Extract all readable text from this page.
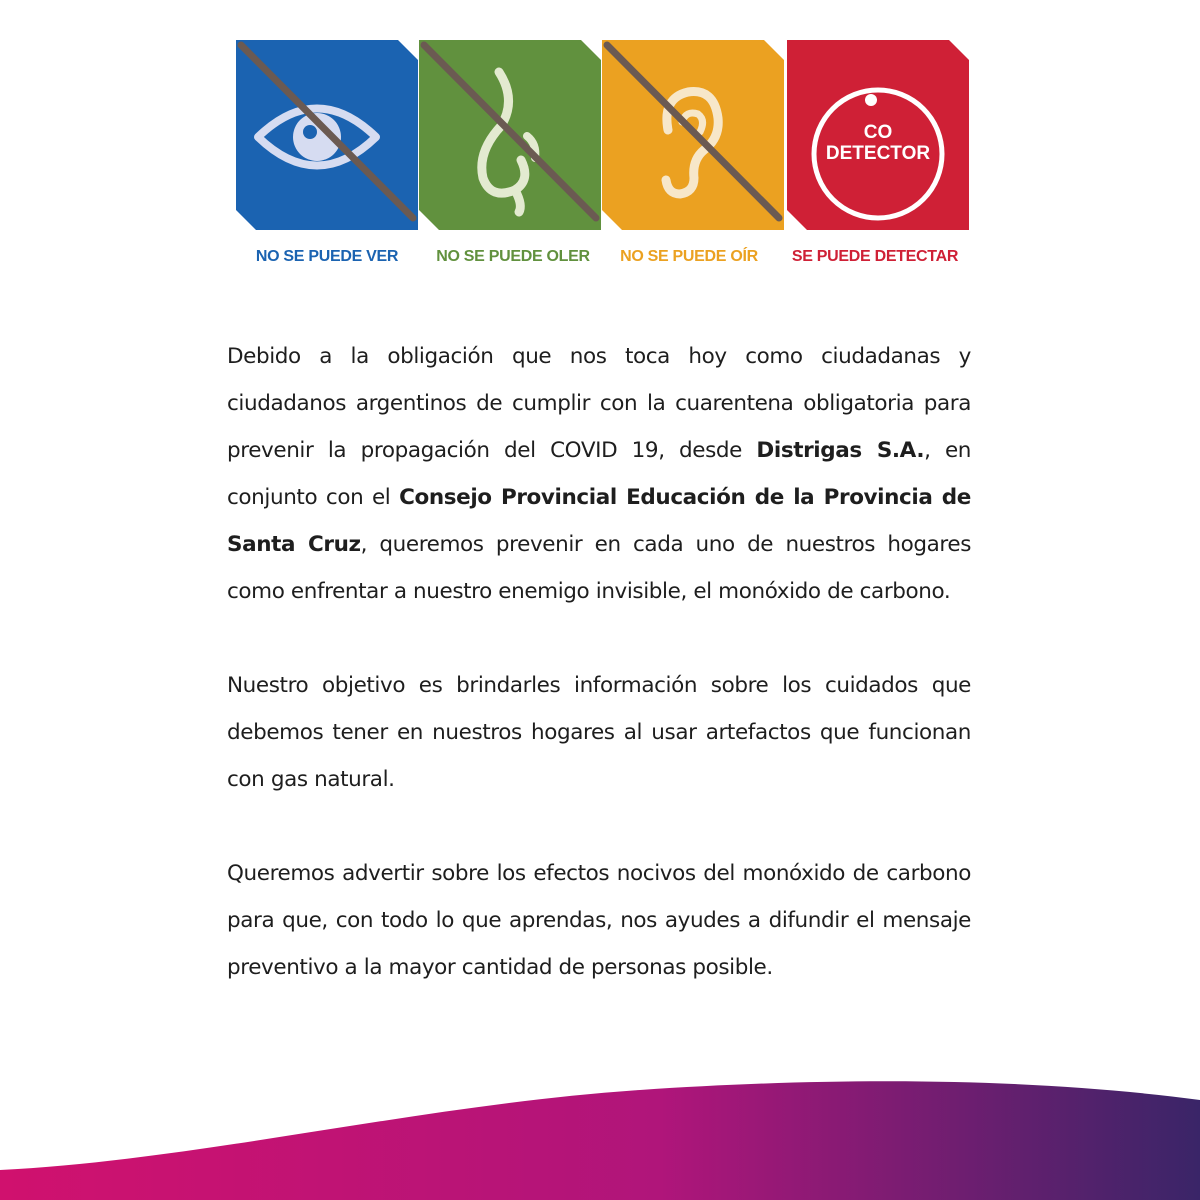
NO SE PUEDE VER	NO SE PUEDE OLER	NO SE PUEDE OÍR
CO
DETECTOR
SE PUEDE DETECTAR

Debido a la obligación que nos toca hoy como ciudadanas y ciudadanos argentinos de cumplir con la cuarentena obligatoria para prevenir la propagación del COVID 19, desde Distrigas S.A., en conjunto con el Consejo Provincial Educación de la Provincia de Santa Cruz, queremos prevenir en cada uno de nuestros hogares como enfrentar a nuestro enemigo invisible, el monóxido de carbono.

Nuestro objetivo es brindarles información sobre los cuidados que debemos tener en nuestros hogares al usar artefactos que funcionan con gas natural.

Queremos advertir sobre los efectos nocivos del monóxido de carbono para que, con todo lo que aprendas, nos ayudes a difundir el mensaje preventivo a la mayor cantidad de personas posible.
